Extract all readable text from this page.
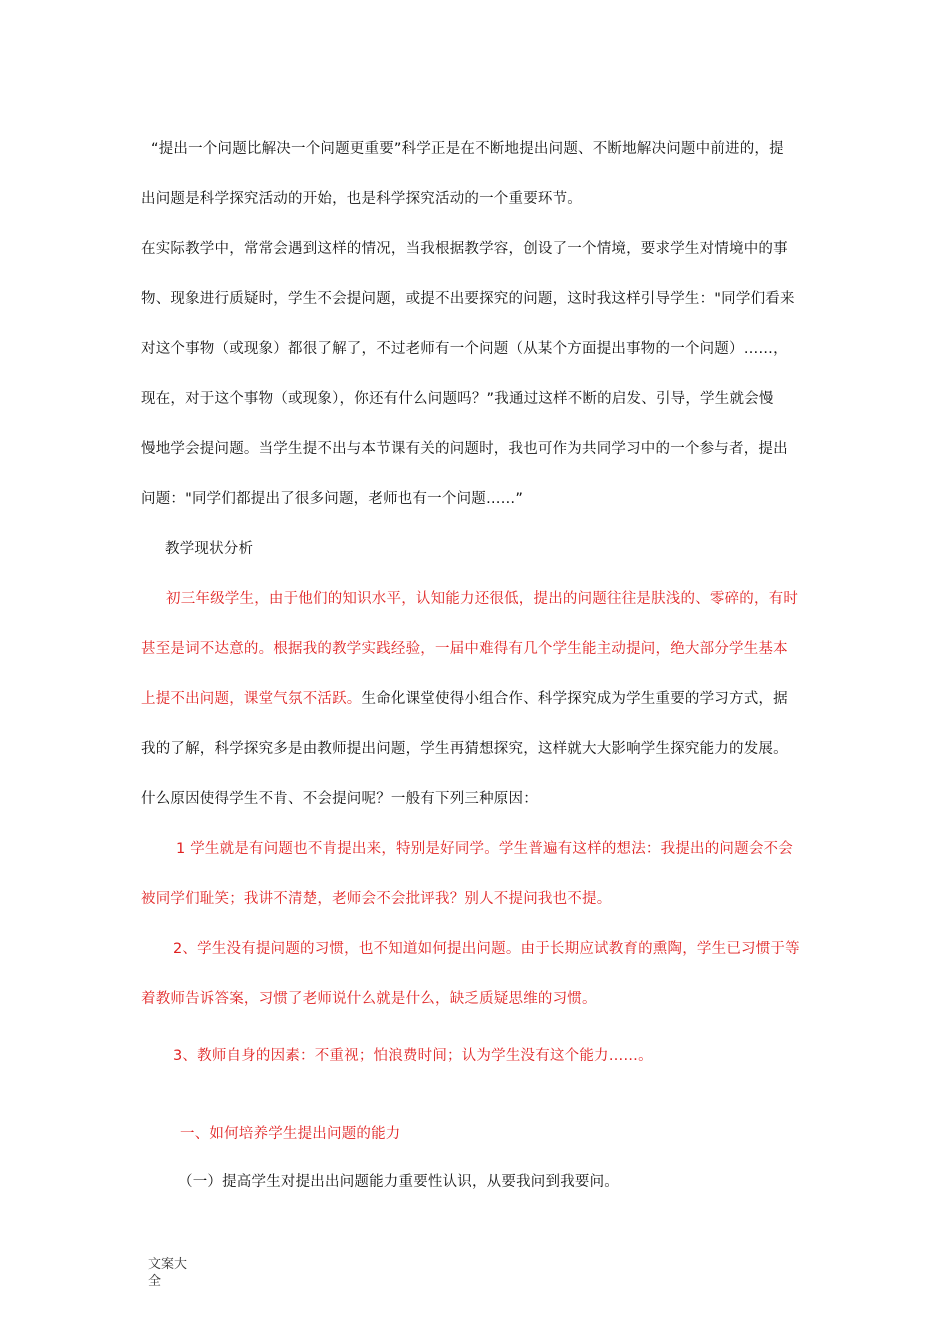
“提出一个问题比解决一个问题更重要”科学正是在不断地提出问题、不断地解决问题中前进的，提
出问题是科学探究活动的开始，也是科学探究活动的一个重要环节。
在实际教学中，常常会遇到这样的情况，当我根据教学容，创设了一个情境，要求学生对情境中的事
物、现象进行质疑时，学生不会提问题，或提不出要探究的问题，这时我这样引导学生："同学们看来
对这个事物（或现象）都很了解了，不过老师有一个问题（从某个方面提出事物的一个问题）……，
现在，对于这个事物（或现象），你还有什么问题吗？”我通过这样不断的启发、引导，学生就会慢
慢地学会提问题。当学生提不出与本节课有关的问题时，我也可作为共同学习中的一个参与者，提出
问题："同学们都提出了很多问题，老师也有一个问题……”
教学现状分析
初三年级学生，由于他们的知识水平，认知能力还很低，提出的问题往往是肤浅的、零碎的，有时
甚至是词不达意的。根据我的教学实践经验，一届中难得有几个学生能主动提问，绝大部分学生基本
上提不出问题，课堂气氛不活跃。生命化课堂使得小组合作、科学探究成为学生重要的学习方式，据
我的了解，科学探究多是由教师提出问题，学生再猜想探究，这样就大大影响学生探究能力的发展。
什么原因使得学生不肯、不会提问呢？一般有下列三种原因：
1 学生就是有问题也不肯提出来，特别是好同学。学生普遍有这样的想法：我提出的问题会不会
被同学们耻笑；我讲不清楚，老师会不会批评我？别人不提问我也不提。
2、学生没有提问题的习惯，也不知道如何提出问题。由于长期应试教育的熏陶，学生已习惯于等
着教师告诉答案，习惯了老师说什么就是什么，缺乏质疑思维的习惯。
3、教师自身的因素：不重视；怕浪费时间；认为学生没有这个能力……。
一、如何培养学生提出问题的能力
（一）提高学生对提出出问题能力重要性认识，从要我问到我要问。
文案大
全
